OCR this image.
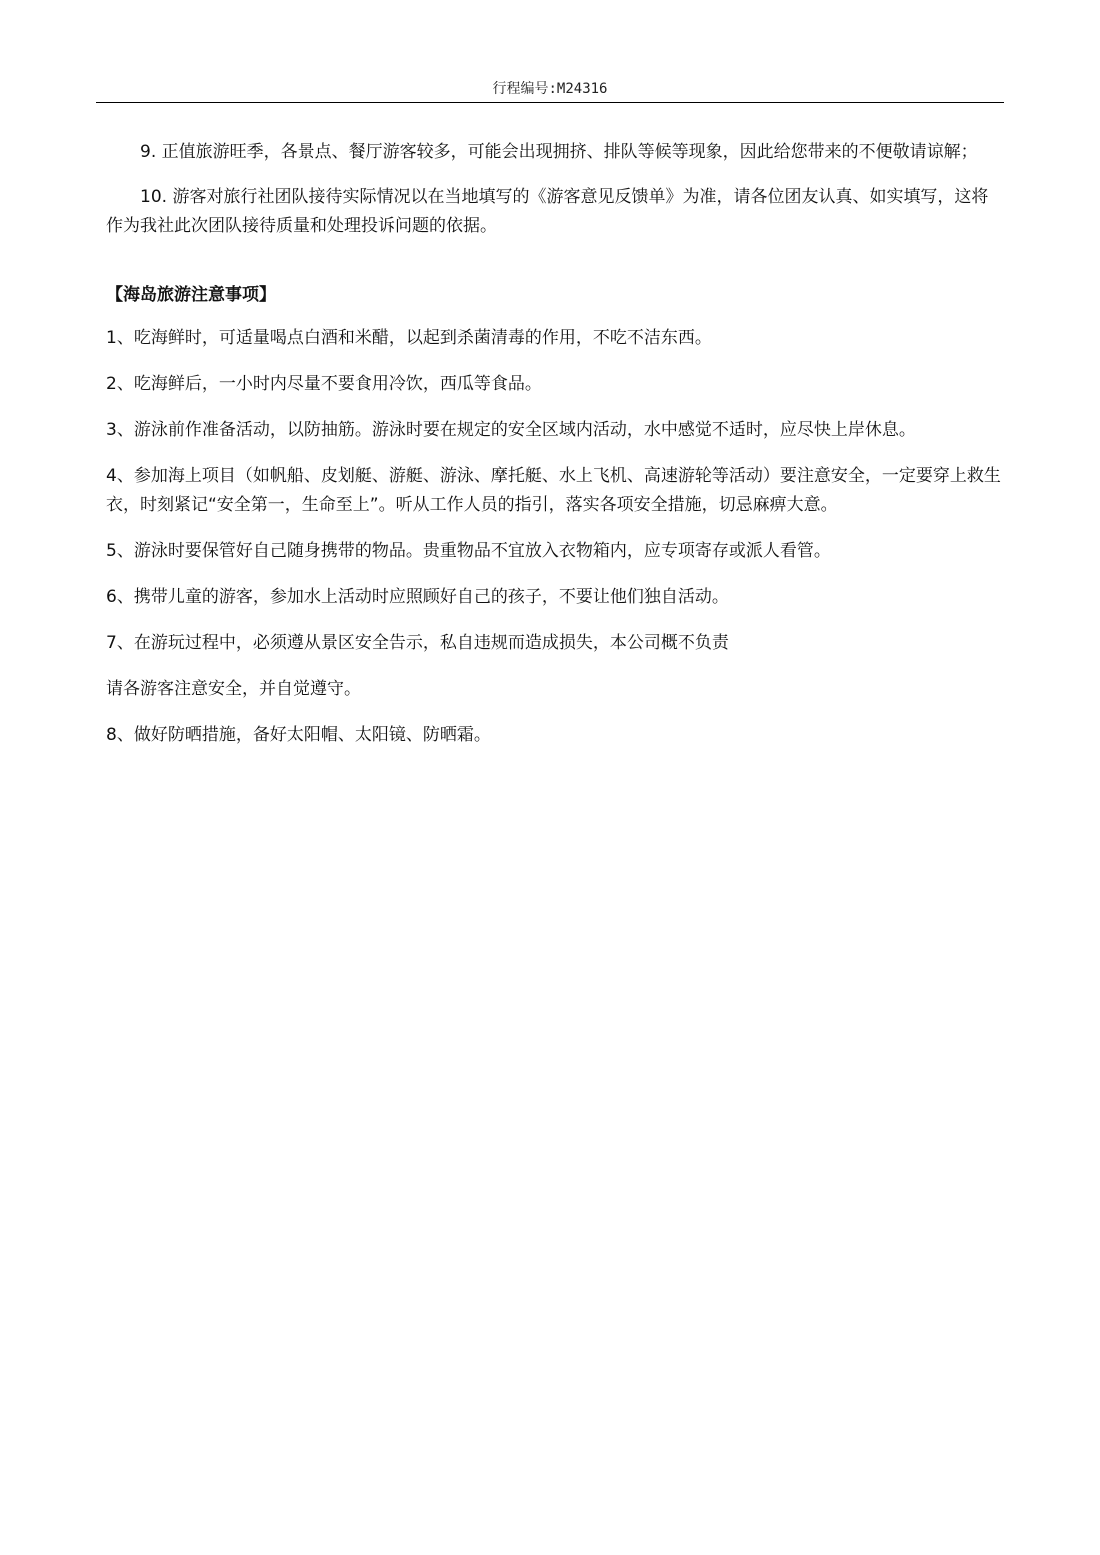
行程编号:M24316

9. 正值旅游旺季，各景点、餐厅游客较多，可能会出现拥挤、排队等候等现象，因此给您带来的不便敬请谅解；

10. 游客对旅行社团队接待实际情况以在当地填写的《游客意见反馈单》为准，请各位团友认真、如实填写，这将作为我社此次团队接待质量和处理投诉问题的依据。

【海岛旅游注意事项】

1、吃海鲜时，可适量喝点白酒和米醋，以起到杀菌清毒的作用，不吃不洁东西。

2、吃海鲜后，一小时内尽量不要食用冷饮，西瓜等食品。

3、游泳前作准备活动，以防抽筋。游泳时要在规定的安全区域内活动，水中感觉不适时，应尽快上岸休息。

4、参加海上项目（如帆船、皮划艇、游艇、游泳、摩托艇、水上飞机、高速游轮等活动）要注意安全，一定要穿上救生衣，时刻紧记“安全第一，生命至上”。听从工作人员的指引，落实各项安全措施，切忌麻痹大意。

5、游泳时要保管好自己随身携带的物品。贵重物品不宜放入衣物箱内，应专项寄存或派人看管。

6、携带儿童的游客，参加水上活动时应照顾好自己的孩子，不要让他们独自活动。

7、在游玩过程中，必须遵从景区安全告示，私自违规而造成损失，本公司概不负责

请各游客注意安全，并自觉遵守。

8、做好防晒措施，备好太阳帽、太阳镜、防晒霜。
